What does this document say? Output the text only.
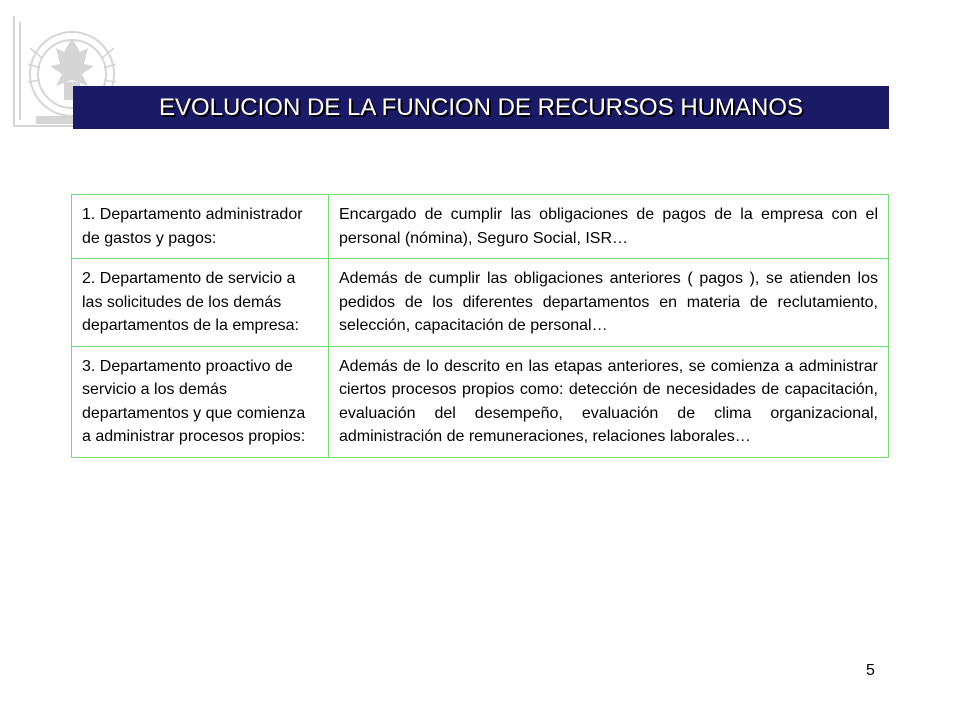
EVOLUCION DE LA FUNCION DE RECURSOS HUMANOS
1. Departamento administrador de gastos y pagos:	Encargado de cumplir las obligaciones de pagos de la empresa con el personal (nómina), Seguro Social, ISR…
2. Departamento de servicio a las solicitudes de los demás departamentos de la empresa:	Además de cumplir las obligaciones anteriores ( pagos ), se atienden los pedidos de los diferentes departamentos en materia de reclutamiento, selección, capacitación de personal…
3. Departamento proactivo de servicio a los demás departamentos y que comienza a administrar procesos propios:	Además de lo descrito en las etapas anteriores, se comienza a administrar ciertos procesos propios como: detección de necesidades de capacitación, evaluación del desempeño, evaluación de clima organizacional, administración de remuneraciones, relaciones laborales…
5
